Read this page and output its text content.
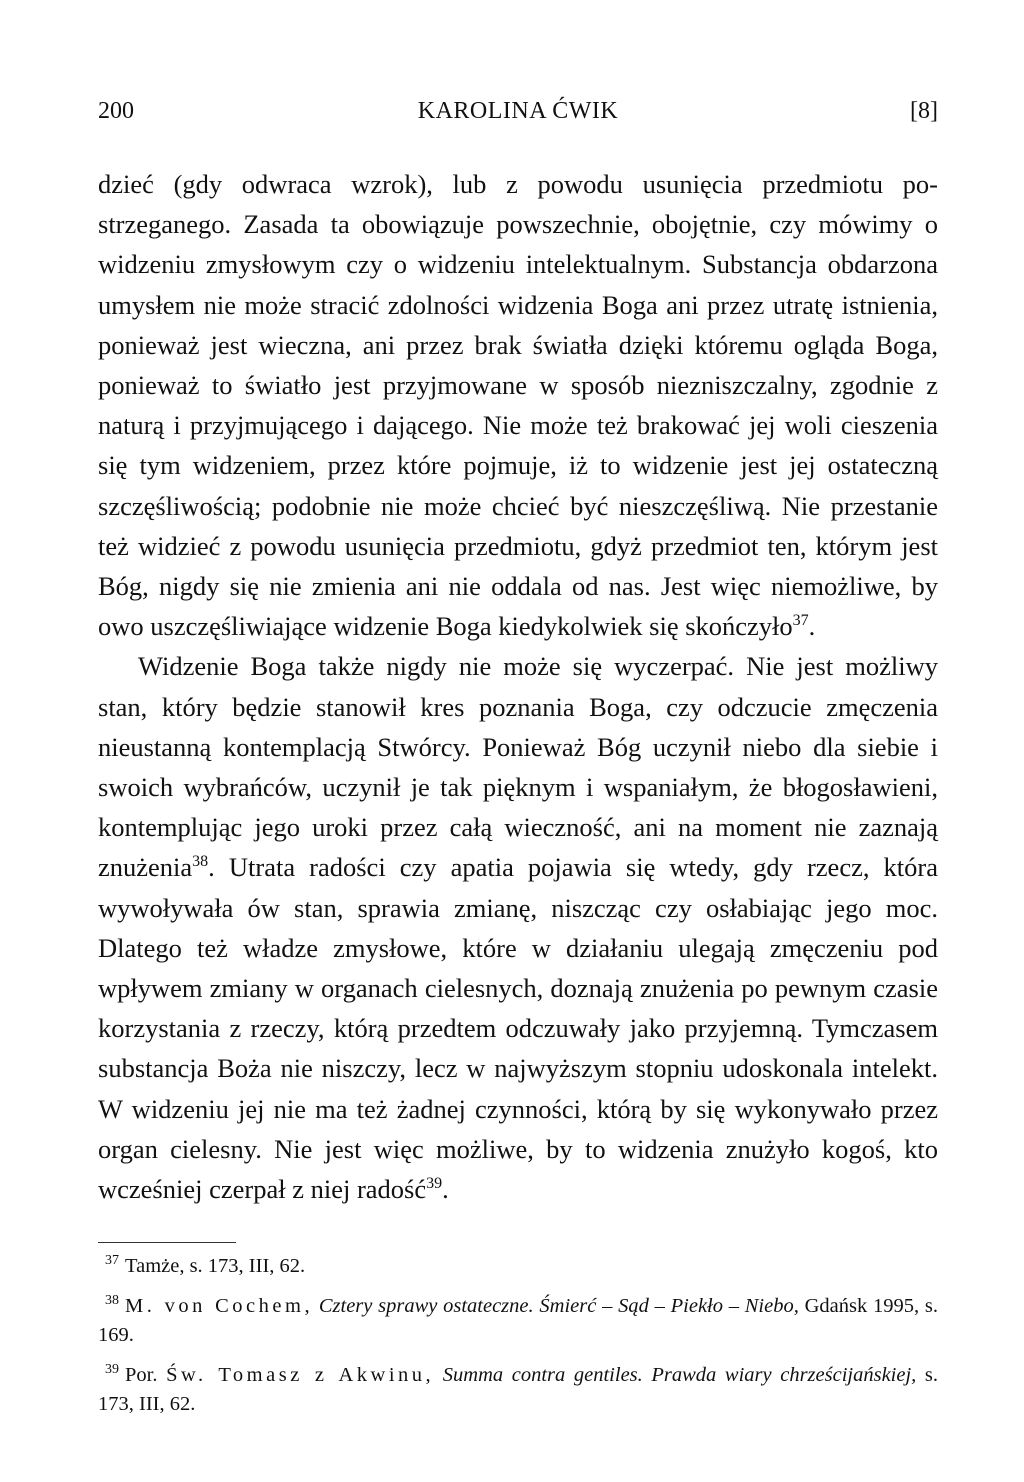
200	KAROLINA ĆWIK	[8]

dzieć (gdy odwraca wzrok), lub z powodu usunięcia przedmiotu postrzeganego. Zasada ta obowiązuje powszechnie, obojętnie, czy mówimy o widzeniu zmysłowym czy o widzeniu intelektualnym. Substancja obdarzona umysłem nie może stracić zdolności widzenia Boga ani przez utratę istnienia, ponieważ jest wieczna, ani przez brak światła dzięki któremu ogląda Boga, ponieważ to światło jest przyjmowane w sposób niezniszczalny, zgodnie z naturą i przyjmującego i dającego. Nie może też brakować jej woli cieszenia się tym widzeniem, przez które pojmuje, iż to widzenie jest jej ostateczną szczęśliwością; podobnie nie może chcieć być nieszczęśliwą. Nie przestanie też widzieć z powodu usunięcia przedmiotu, gdyż przedmiot ten, którym jest Bóg, nigdy się nie zmienia ani nie oddala od nas. Jest więc niemożliwe, by owo uszczęśliwiające widzenie Boga kiedykolwiek się skończyło$^{37}$.

Widzenie Boga także nigdy nie może się wyczerpać. Nie jest możliwy stan, który będzie stanowił kres poznania Boga, czy odczucie zmęczenia nieustanną kontemplacją Stwórcy. Ponieważ Bóg uczynił niebo dla siebie i swoich wybrańców, uczynił je tak pięknym i wspaniałym, że błogosławieni, kontemplując jego uroki przez całą wieczność, ani na moment nie zaznają znużenia$^{38}$. Utrata radości czy apatia pojawia się wtedy, gdy rzecz, która wywoływała ów stan, sprawia zmianę, niszcząc czy osłabiając jego moc. Dlatego też władze zmysłowe, które w działaniu ulegają zmęczeniu pod wpływem zmiany w organach cielesnych, doznają znużenia po pewnym czasie korzystania z rzeczy, którą przedtem odczuwały jako przyjemną. Tymczasem substancja Boża nie niszczy, lecz w najwyższym stopniu udoskonala intelekt. W widzeniu jej nie ma też żadnej czynności, którą by się wykonywało przez organ cielesny. Nie jest więc możliwe, by to widzenia znużyło kogoś, kto wcześniej czerpał z niej radość$^{39}$.

$^{37}$ Tamże, s. 173, III, 62.

$^{38}$ M. von Cochem, Cztery sprawy ostateczne. Śmierć – Sąd – Piekło – Niebo, Gdańsk 1995, s. 169.

$^{39}$ Por. Św. Tomasz z Akwinu, Summa contra gentiles. Prawda wiary chrześcijańskiej, s. 173, III, 62.
